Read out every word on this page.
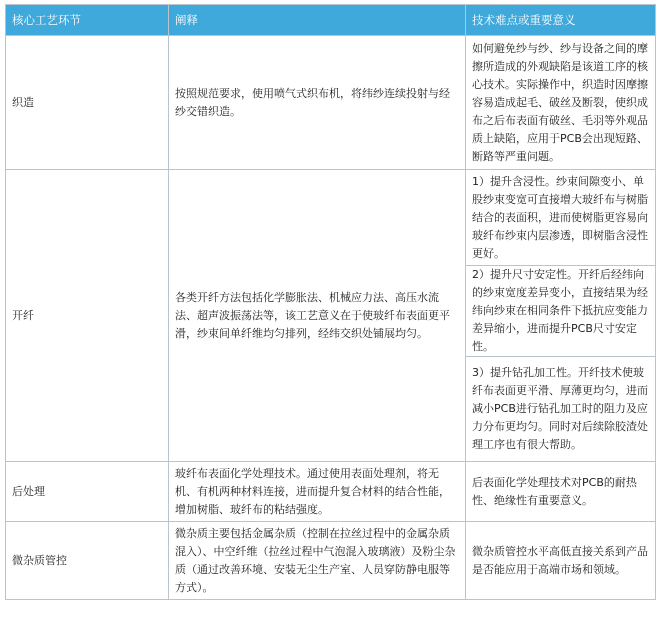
核心工艺环节	阐释	技术难点或重要意义
织造	按照规范要求，使用喷气式织布机，将纬纱连续投射与经纱交错织造。	如何避免纱与纱、纱与设备之间的摩擦所造成的外观缺陷是该道工序的核心技术。实际操作中，织造时因摩擦容易造成起毛、破丝及断裂，使织成布之后布表面有破丝、毛羽等外观品质上缺陷，应用于PCB会出现短路、断路等严重问题。
开纤	各类开纤方法包括化学膨胀法、机械应力法、高压水流法、超声波振荡法等，该工艺意义在于使玻纤布表面更平滑，纱束间单纤维均匀排列，经纬交织处铺展均匀。	1）提升含浸性。纱束间隙变小、单股纱束变宽可直接增大玻纤布与树脂结合的表面积，进而使树脂更容易向玻纤布纱束内层渗透，即树脂含浸性更好。
		2）提升尺寸安定性。开纤后经纬向的纱束宽度差异变小，直接结果为经纬向纱束在相同条件下抵抗应变能力差异缩小，进而提升PCB尺寸安定性。
		3）提升钻孔加工性。开纤技术使玻纤布表面更平滑、厚薄更均匀，进而减小PCB进行钻孔加工时的阻力及应力分布更均匀。同时对后续除胶渣处理工序也有很大帮助。
后处理	玻纤布表面化学处理技术。通过使用表面处理剂，将无机、有机两种材料连接，进而提升复合材料的结合性能，增加树脂、玻纤布的粘结强度。	后表面化学处理技术对PCB的耐热性、绝缘性有重要意义。
微杂质管控	微杂质主要包括金属杂质（控制在拉丝过程中的金属杂质混入）、中空纤维（拉丝过程中气泡混入玻璃液）及粉尘杂质（通过改善环境、安装无尘生产室、人员穿防静电服等方式）。	微杂质管控水平高低直接关系到产品是否能应用于高端市场和领域。
